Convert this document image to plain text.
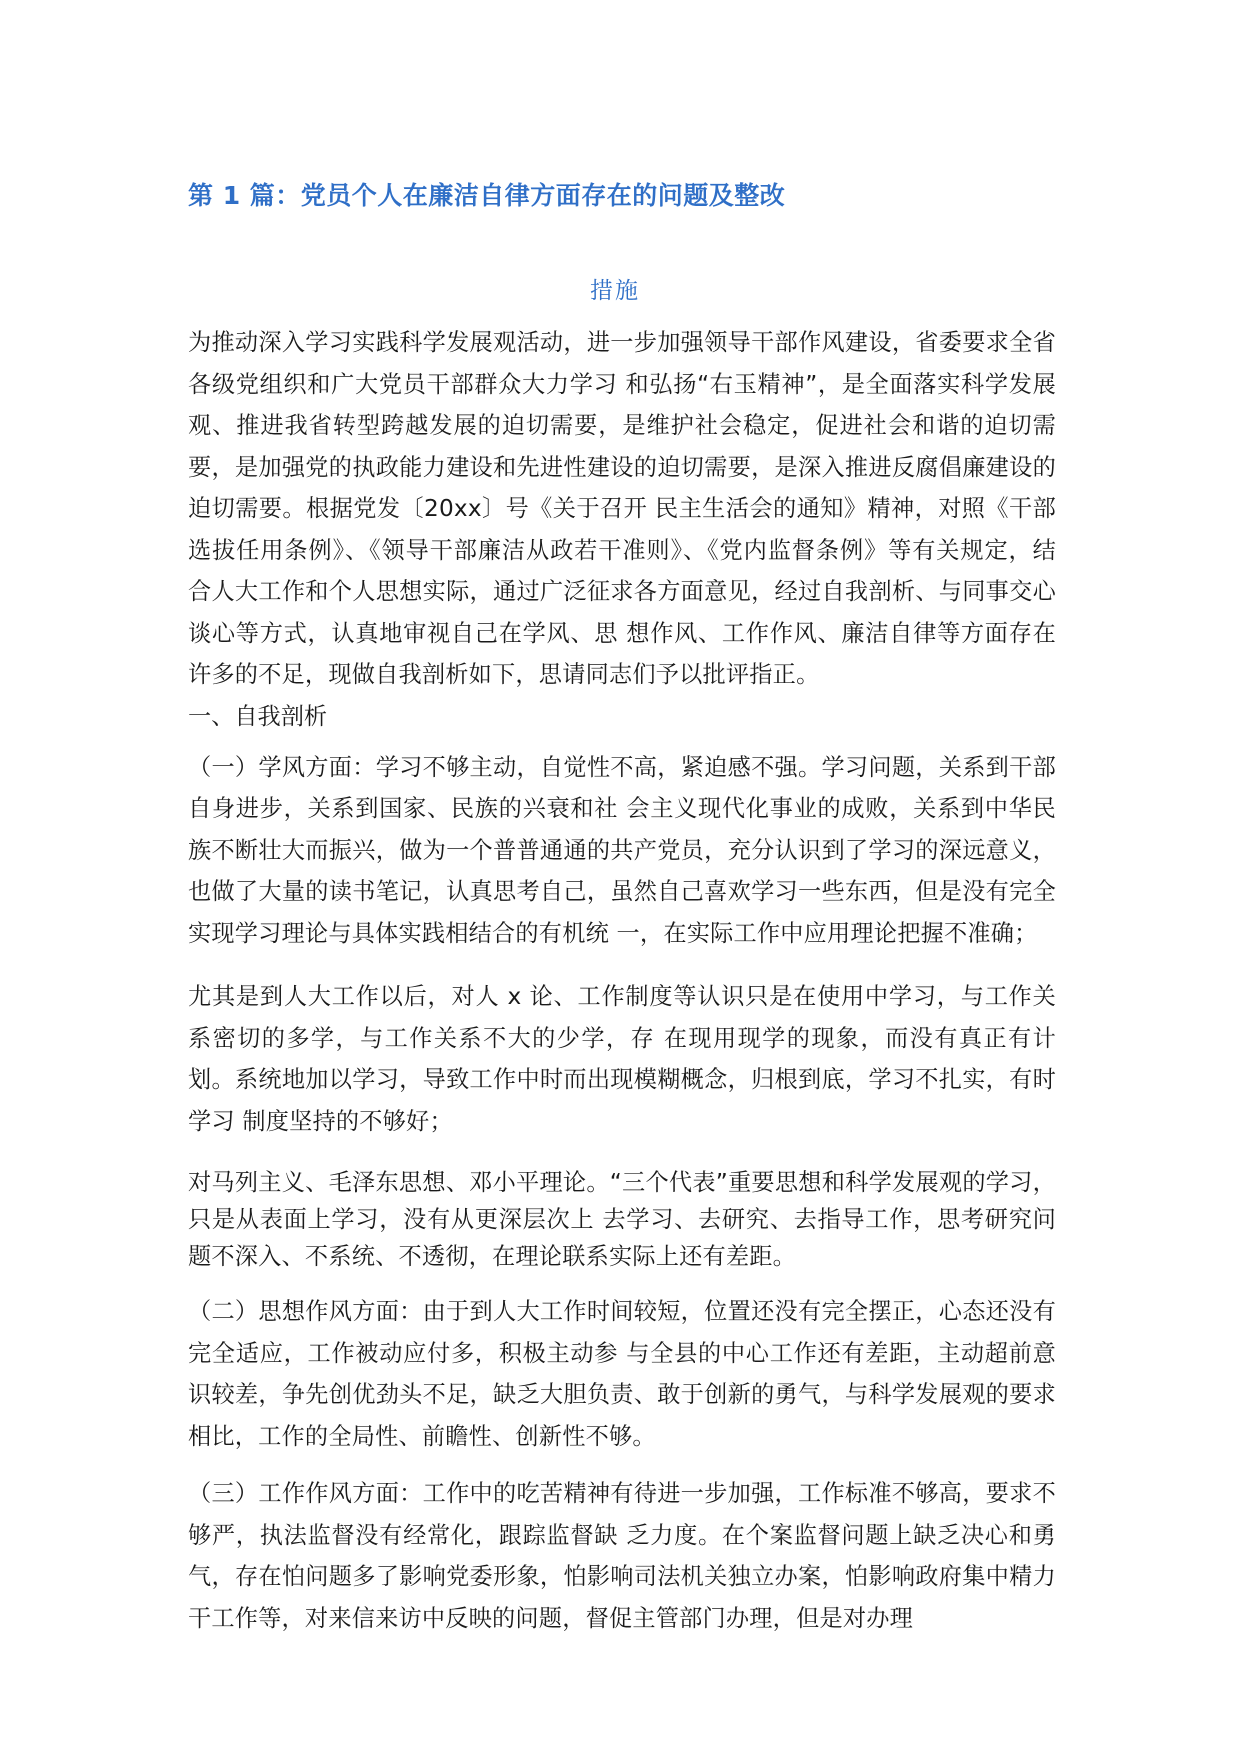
第 1 篇：党员个人在廉洁自律方面存在的问题及整改
措施

为推动深入学习实践科学发展观活动，进一步加强领导干部作风建设，省委要求全省各级党组织和广大党员干部群众大力学习 和弘扬“右玉精神”，是全面落实科学发展观、推进我省转型跨越发展的迫切需要，是维护社会稳定，促进社会和谐的迫切需 要，是加强党的执政能力建设和先进性建设的迫切需要，是深入推进反腐倡廉建设的迫切需要。根据党发〔20xx〕号《关于召开 民主生活会的通知》精神，对照《干部选拔任用条例》、《领导干部廉洁从政若干准则》、《党内监督条例》等有关规定，结 合人大工作和个人思想实际，通过广泛征求各方面意见，经过自我剖析、与同事交心谈心等方式，认真地审视自己在学风、思 想作风、工作作风、廉洁自律等方面存在许多的不足，现做自我剖析如下，思请同志们予以批评指正。

一、自我剖析

（一）学风方面：学习不够主动，自觉性不高，紧迫感不强。学习问题，关系到干部自身进步，关系到国家、民族的兴衰和社 会主义现代化事业的成败，关系到中华民族不断壮大而振兴，做为一个普普通通的共产党员，充分认识到了学习的深远意义， 也做了大量的读书笔记，认真思考自己，虽然自己喜欢学习一些东西，但是没有完全实现学习理论与具体实践相结合的有机统 一，在实际工作中应用理论把握不准确；

尤其是到人大工作以后，对人 x 论、工作制度等认识只是在使用中学习，与工作关系密切的多学，与工作关系不大的少学，存 在现用现学的现象，而没有真正有计划。系统地加以学习，导致工作中时而出现模糊概念，归根到底，学习不扎实，有时学习 制度坚持的不够好；

对马列主义、毛泽东思想、邓小平理论。“三个代表”重要思想和科学发展观的学习，只是从表面上学习，没有从更深层次上 去学习、去研究、去指导工作，思考研究问题不深入、不系统、不透彻，在理论联系实际上还有差距。

（二）思想作风方面：由于到人大工作时间较短，位置还没有完全摆正，心态还没有完全适应，工作被动应付多，积极主动参 与全县的中心工作还有差距，主动超前意识较差，争先创优劲头不足，缺乏大胆负责、敢于创新的勇气，与科学发展观的要求 相比，工作的全局性、前瞻性、创新性不够。

（三）工作作风方面：工作中的吃苦精神有待进一步加强，工作标准不够高，要求不够严，执法监督没有经常化，跟踪监督缺 乏力度。在个案监督问题上缺乏决心和勇气，存在怕问题多了影响党委形象，怕影响司法机关独立办案，怕影响政府集中精力 干工作等，对来信来访中反映的问题，督促主管部门办理，但是对办理
